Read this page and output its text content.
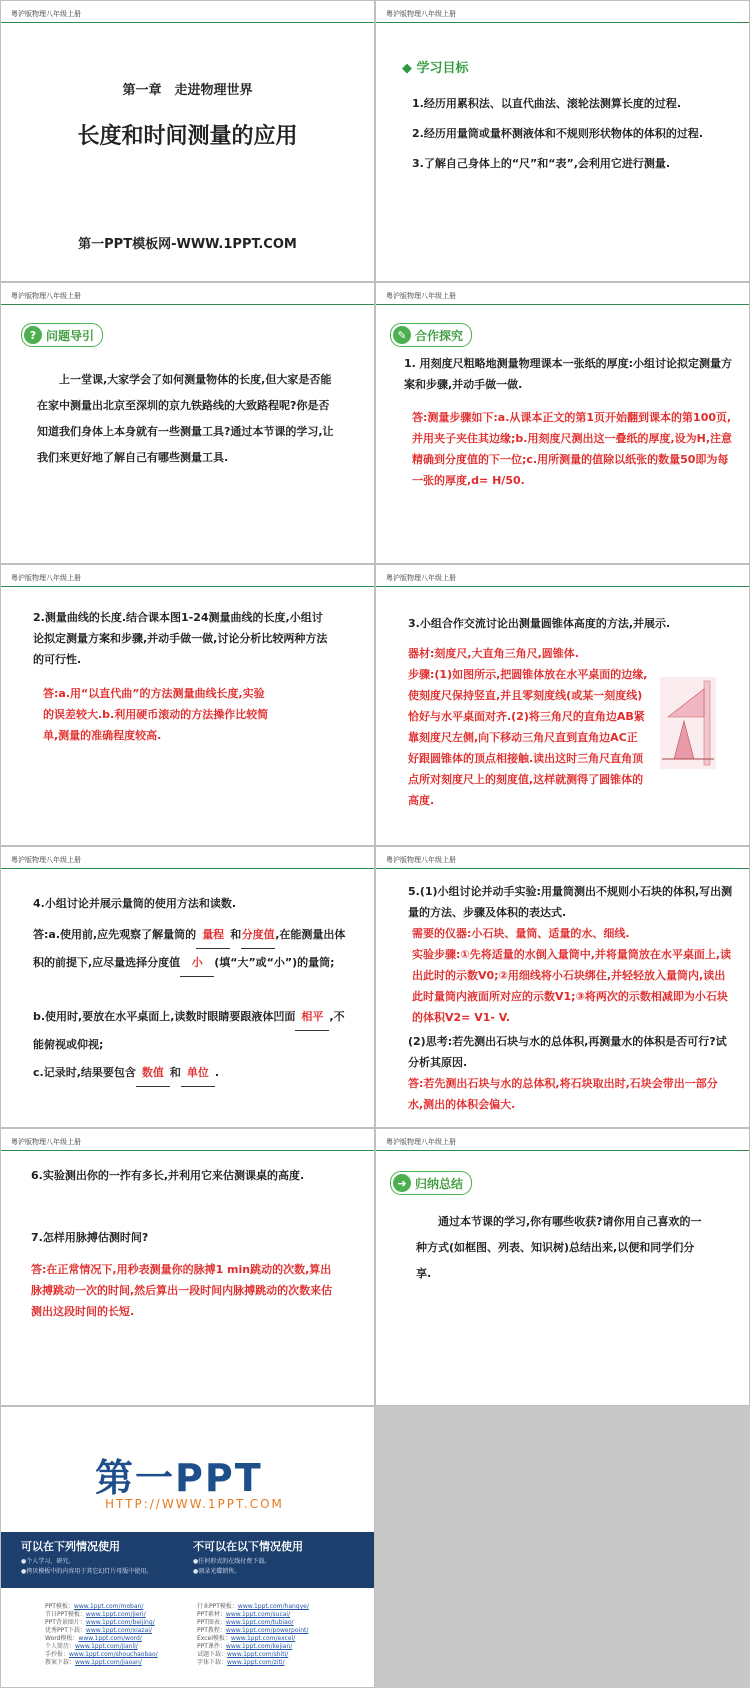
粤沪版物理八年级上册
第一章　走进物理世界
长度和时间测量的应用
第一PPT模板网-WWW.1PPT.COM
粤沪版物理八年级上册
◆ 学习目标
1.经历用累积法、以直代曲法、滚轮法测算长度的过程.
2.经历用量筒或量杯测液体和不规则形状物体的体积的过程.
3.了解自己身体上的“尺”和“表”,会利用它进行测量.
粤沪版物理八年级上册
? 问题导引
上一堂课,大家学会了如何测量物体的长度,但大家是否能在家中测量出北京至深圳的京九铁路线的大致路程呢?你是否知道我们身体上本身就有一些测量工具?通过本节课的学习,让我们来更好地了解自己有哪些测量工具.
粤沪版物理八年级上册
✎ 合作探究
1. 用刻度尺粗略地测量物理课本一张纸的厚度:小组讨论拟定测量方案和步骤,并动手做一做.
答:测量步骤如下:a.从课本正文的第1页开始翻到课本的第100页,并用夹子夹住其边缘;b.用刻度尺测出这一叠纸的厚度,设为H,注意精确到分度值的下一位;c.用所测量的值除以纸张的数量50即为每一张的厚度,d= H/50.
粤沪版物理八年级上册
2.测量曲线的长度.结合课本图1-24测量曲线的长度,小组讨论拟定测量方案和步骤,并动手做一做,讨论分析比较两种方法的可行性.
答:a.用“以直代曲”的方法测量曲线长度,实验的误差较大.b.利用硬币滚动的方法操作比较简单,测量的准确程度较高.
粤沪版物理八年级上册
3.小组合作交流讨论出测量圆锥体高度的方法,并展示.
器材:刻度尺,大直角三角尺,圆锥体.
步骤:(1)如图所示,把圆锥体放在水平桌面的边缘,使刻度尺保持竖直,并且零刻度线(或某一刻度线)恰好与水平桌面对齐.(2)将三角尺的直角边AB紧靠刻度尺左侧,向下移动三角尺直到直角边AC正好跟圆锥体的顶点相接触.读出这时三角尺直角顶点所对刻度尺上的刻度值,这样就测得了圆锥体的高度.
粤沪版物理八年级上册
4.小组讨论并展示量筒的使用方法和读数.
答:a.使用前,应先观察了解量筒的 量程 和分度值,在能测量出体积的前提下,应尽量选择分度值 小 (填“大”或“小”)的量筒;
b.使用时,要放在水平桌面上,读数时眼睛要跟液体凹面 相平 ,不能俯视或仰视;
c.记录时,结果要包含 数值 和 单位 .
粤沪版物理八年级上册
5.(1)小组讨论并动手实验:用量筒测出不规则小石块的体积,写出测量的方法、步骤及体积的表达式.
需要的仪器:小石块、量筒、适量的水、细线.
实验步骤:①先将适量的水倒入量筒中,并将量筒放在水平桌面上,读出此时的示数V0;②用细线将小石块绑住,并轻轻放入量筒内,读出此时量筒内液面所对应的示数V1;③将两次的示数相减即为小石块的体积V2= V1- V.
(2)思考:若先测出石块与水的总体积,再测量水的体积是否可行?试分析其原因.
答:若先测出石块与水的总体积,将石块取出时,石块会带出一部分水,测出的体积会偏大.
粤沪版物理八年级上册
6.实验测出你的一拃有多长,并利用它来估测课桌的高度.
7.怎样用脉搏估测时间?
答:在正常情况下,用秒表测量你的脉搏1 min跳动的次数,算出脉搏跳动一次的时间,然后算出一段时间内脉搏跳动的次数来估测出这段时间的长短.
粤沪版物理八年级上册
➜ 归纳总结
通过本节课的学习,你有哪些收获?请你用自己喜欢的一种方式(如框图、列表、知识树)总结出来,以便和同学们分享.
第一PPT
HTTP://WWW.1PPT.COM
可以在下列情况使用
●个人学习、研究。
●拷贝模板中的内容用于其它幻灯片母版中使用。
不可以在以下情况使用
●任何形式的在线付费下载。
●刻录光碟销售。
PPT模板：www.1ppt.com/moban/
节日PPT模板：www.1ppt.com/jieri/
PPT背景图片：www.1ppt.com/beijing/
优秀PPT下载：www.1ppt.com/xiazai/
Word模板：www.1ppt.com/word/
个人简历：www.1ppt.com/jianli/
手抄报：www.1ppt.com/shouchaobao/
教案下载：www.1ppt.com/jiaoan/
行业PPT模板：www.1ppt.com/hangye/
PPT素材：www.1ppt.com/sucai/
PPT图表：www.1ppt.com/tubiao/
PPT教程：www.1ppt.com/powerpoint/
Excel模板：www.1ppt.com/excel/
PPT课件：www.1ppt.com/kejian/
试题下载：www.1ppt.com/shiti/
字体下载：www.1ppt.com/ziti/
